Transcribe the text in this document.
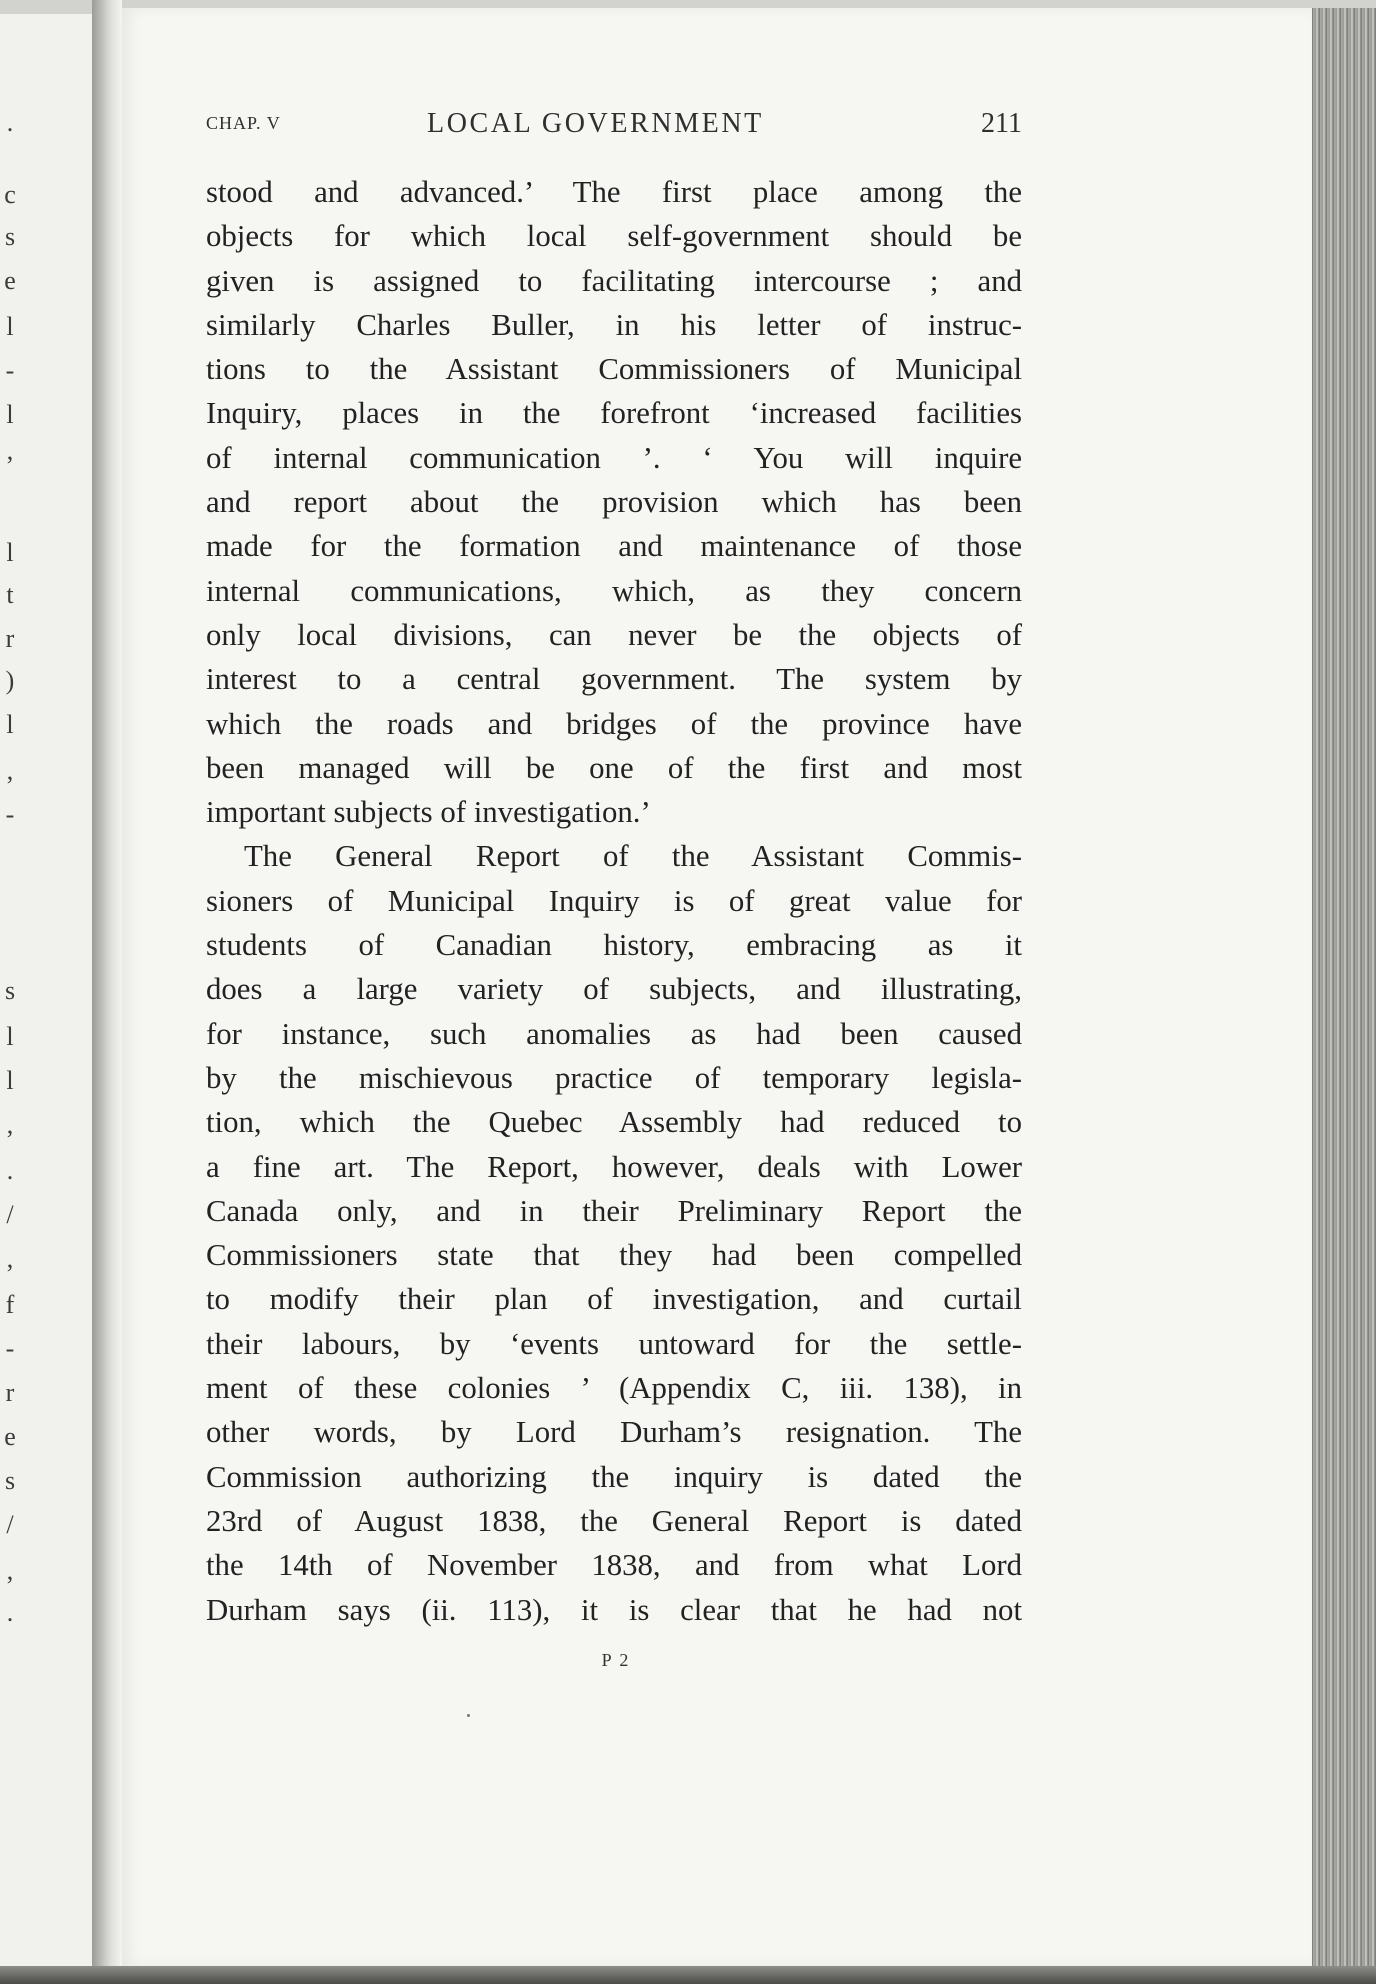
.
c
s
e
l
-
l
,
l
t
r
)
l
,
-
s
l
l
,
.
/
,
f
-
r
e
s
/
,
.
CHAP. V	LOCAL GOVERNMENT	211
stood and advanced.’ The first place among the
objects for which local self-government should be
given is assigned to facilitating intercourse ; and
similarly Charles Buller, in his letter of instruc-
tions to the Assistant Commissioners of Municipal
Inquiry, places in the forefront ‘increased facilities
of internal communication ’. ‘ You will inquire
and report about the provision which has been
made for the formation and maintenance of those
internal communications, which, as they concern
only local divisions, can never be the objects of
interest to a central government. The system by
which the roads and bridges of the province have
been managed will be one of the first and most
important subjects of investigation.’
The General Report of the Assistant Commis-
sioners of Municipal Inquiry is of great value for
students of Canadian history, embracing as it
does a large variety of subjects, and illustrating,
for instance, such anomalies as had been caused
by the mischievous practice of temporary legisla-
tion, which the Quebec Assembly had reduced to
a fine art. The Report, however, deals with Lower
Canada only, and in their Preliminary Report the
Commissioners state that they had been compelled
to modify their plan of investigation, and curtail
their labours, by ‘events untoward for the settle-
ment of these colonies ’ (Appendix C, iii. 138), in
other words, by Lord Durham’s resignation. The
Commission authorizing the inquiry is dated the
23rd of August 1838, the General Report is dated
the 14th of November 1838, and from what Lord
Durham says (ii. 113), it is clear that he had not
P 2
